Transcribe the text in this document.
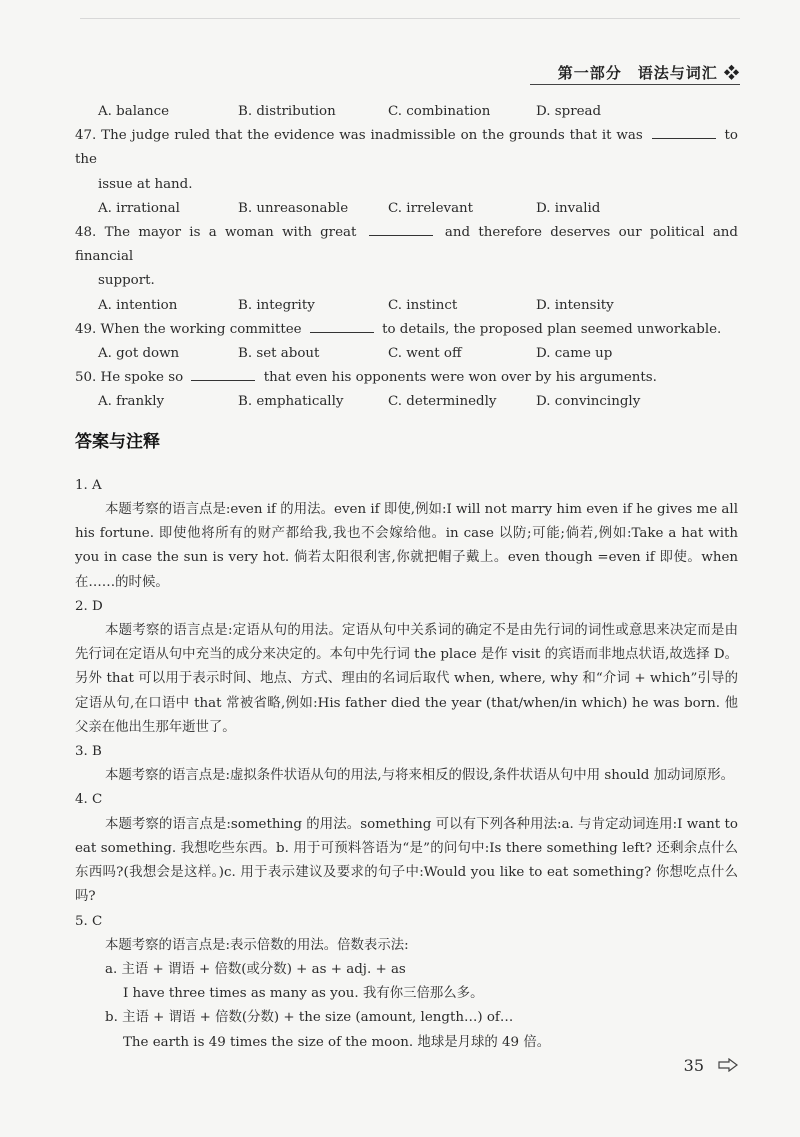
第一部分　语法与词汇 ❖
A. balance	B. distribution	C. combination	D. spread
47. The judge ruled that the evidence was inadmissible on the grounds that it was	to the
issue at hand.
A. irrational	B. unreasonable	C. irrelevant	D. invalid
48. The mayor is a woman with great	and therefore deserves our political and financial
support.
A. intention	B. integrity	C. instinct	D. intensity
49. When the working committee	to details, the proposed plan seemed unworkable.
A. got down	B. set about	C. went off	D. came up
50. He spoke so	that even his opponents were won over by his arguments.
A. frankly	B. emphatically	C. determinedly	D. convincingly
答案与注释
1. A
本题考察的语言点是:even if 的用法。even if 即使,例如:I will not marry him even if he gives me all his fortune. 即使他将所有的财产都给我,我也不会嫁给他。in case 以防;可能;倘若,例如:Take a hat with you in case the sun is very hot. 倘若太阳很利害,你就把帽子戴上。even though =even if 即使。when 在……的时候。
2. D
本题考察的语言点是:定语从句的用法。定语从句中关系词的确定不是由先行词的词性或意思来决定而是由先行词在定语从句中充当的成分来决定的。本句中先行词 the place 是作 visit 的宾语而非地点状语,故选择 D。另外 that 可以用于表示时间、地点、方式、理由的名词后取代 when, where, why 和“介词 + which”引导的定语从句,在口语中 that 常被省略,例如:His father died the year (that/when/in which) he was born. 他父亲在他出生那年逝世了。
3. B
本题考察的语言点是:虚拟条件状语从句的用法,与将来相反的假设,条件状语从句中用 should 加动词原形。
4. C
本题考察的语言点是:something 的用法。something 可以有下列各种用法:a. 与肯定动词连用:I want to eat something. 我想吃些东西。b. 用于可预料答语为“是”的问句中:Is there something left? 还剩余点什么东西吗?(我想会是这样。)c. 用于表示建议及要求的句子中:Would you like to eat something? 你想吃点什么吗?
5. C
本题考察的语言点是:表示倍数的用法。倍数表示法:
a. 主语 + 谓语 + 倍数(或分数) + as + adj. + as
I have three times as many as you. 我有你三倍那么多。
b. 主语 + 谓语 + 倍数(分数) + the size (amount, length…) of…
The earth is 49 times the size of the moon. 地球是月球的 49 倍。
35
